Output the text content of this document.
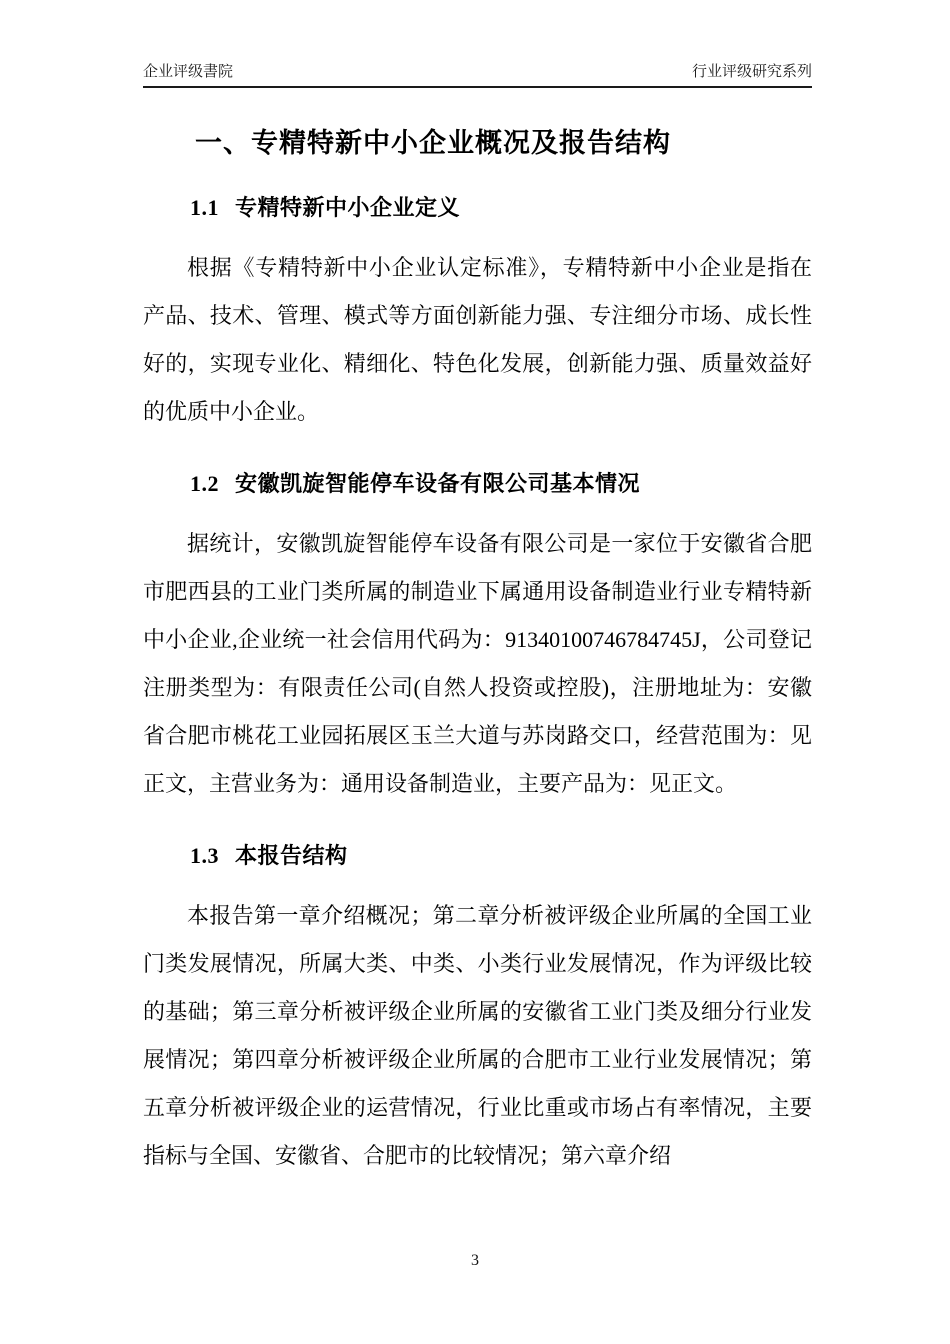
企业评级書院	行业评级研究系列
一、专精特新中小企业概况及报告结构
1.1 专精特新中小企业定义

根据《专精特新中小企业认定标准》，专精特新中小企业是指在产品、技术、管理、模式等方面创新能力强、专注细分市场、成长性好的，实现专业化、精细化、特色化发展，创新能力强、质量效益好的优质中小企业。

1.2 安徽凯旋智能停车设备有限公司基本情况

据统计，安徽凯旋智能停车设备有限公司是一家位于安徽省合肥市肥西县的工业门类所属的制造业下属通用设备制造业行业专精特新中小企业,企业统一社会信用代码为：91340100746784745J，公司登记注册类型为：有限责任公司(自然人投资或控股)，注册地址为：安徽省合肥市桃花工业园拓展区玉兰大道与苏岗路交口，经营范围为：见正文，主营业务为：通用设备制造业，主要产品为：见正文。

1.3 本报告结构

本报告第一章介绍概况；第二章分析被评级企业所属的全国工业门类发展情况，所属大类、中类、小类行业发展情况，作为评级比较的基础；第三章分析被评级企业所属的安徽省工业门类及细分行业发展情况；第四章分析被评级企业所属的合肥市工业行业发展情况；第五章分析被评级企业的运营情况，行业比重或市场占有率情况，主要指标与全国、安徽省、合肥市的比较情况；第六章介绍

3
